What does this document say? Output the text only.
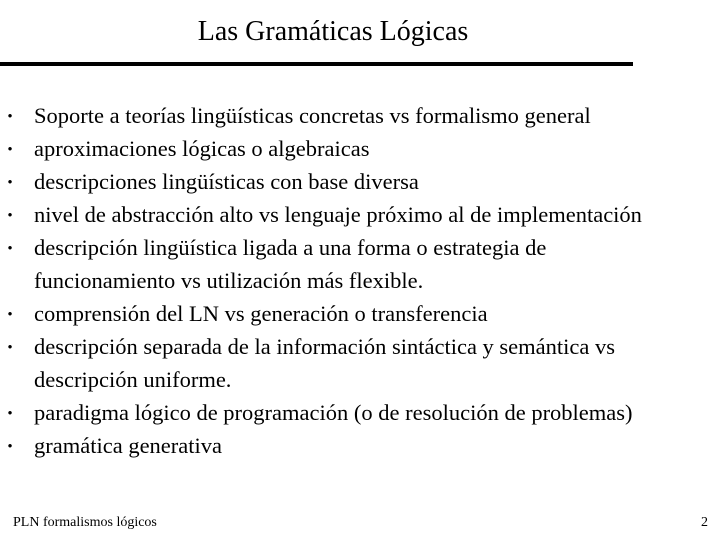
Las Gramáticas Lógicas
• Soporte a teorías lingüísticas concretas vs formalismo general
• aproximaciones lógicas o algebraicas
• descripciones lingüísticas con base diversa
• nivel de abstracción alto vs lenguaje próximo al de implementación
• descripción lingüística ligada a una forma o estrategia de
funcionamiento vs utilización más flexible.
• comprensión del LN vs generación o transferencia
• descripción separada de la información sintáctica y semántica vs
descripción uniforme.
• paradigma lógico de programación (o de resolución de problemas)
• gramática generativa
PLN formalismos lógicos	2
